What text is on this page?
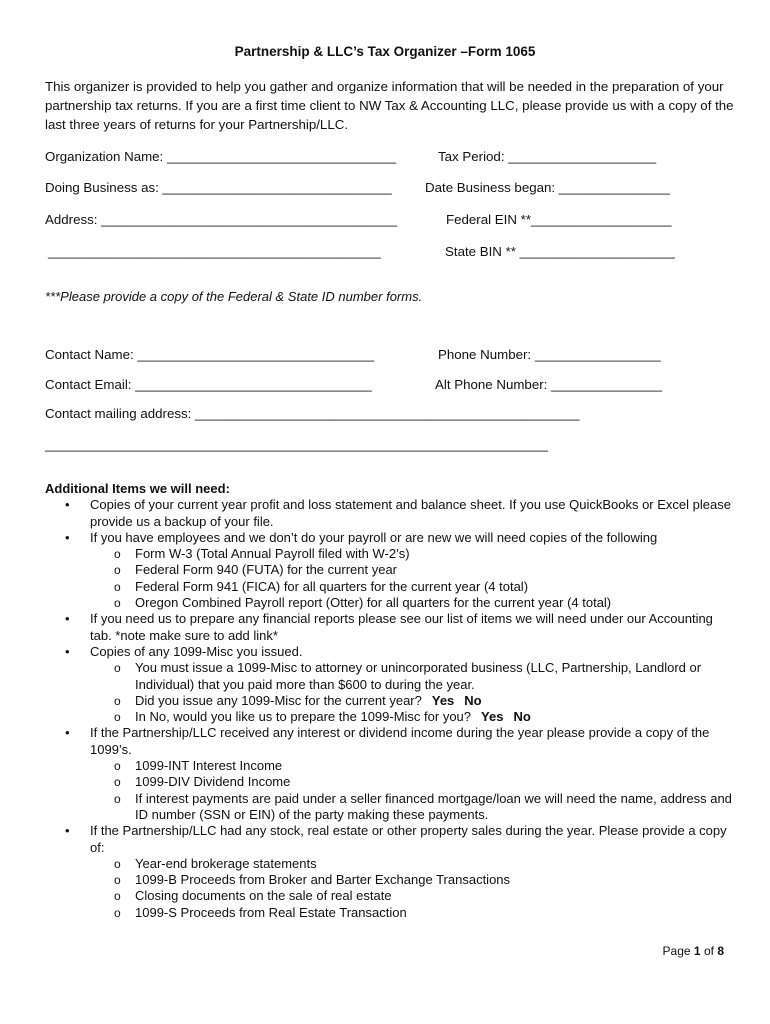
Partnership & LLC’s Tax Organizer –Form 1065
This organizer is provided to help you gather and organize information that will be needed in the preparation of your partnership tax returns. If you are a first time client to NW Tax & Accounting LLC, please provide us with a copy of the last three years of returns for your Partnership/LLC.
Organization Name: _______________________________	Tax Period: ____________________
Doing Business as: _______________________________ Date Business began: _______________
Address: ________________________________________	Federal EIN **___________________
_____________________________________________	State BIN ** _____________________
***Please provide a copy of the Federal & State ID number forms.
Contact Name: ________________________________	Phone Number: _________________
Contact Email: ________________________________	Alt Phone Number: _______________
Contact mailing address: ____________________________________________________
____________________________________________________________________
Additional Items we will need:
• Copies of your current year profit and loss statement and balance sheet. If you use QuickBooks or Excel please provide us a backup of your file.
• If you have employees and we don’t do your payroll or are new we will need copies of the following
o Form W-3 (Total Annual Payroll filed with W-2’s)
o Federal Form 940 (FUTA) for the current year
o Federal Form 941 (FICA) for all quarters for the current year (4 total)
o Oregon Combined Payroll report (Otter) for all quarters for the current year (4 total)
• If you need us to prepare any financial reports please see our list of items we will need under our Accounting tab. *note make sure to add link*
• Copies of any 1099-Misc you issued.
o You must issue a 1099-Misc to attorney or unincorporated business (LLC, Partnership, Landlord or Individual) that you paid more than $600 to during the year.
o Did you issue any 1099-Misc for the current year? Yes No
o In No, would you like us to prepare the 1099-Misc for you? Yes No
• If the Partnership/LLC received any interest or dividend income during the year please provide a copy of the 1099’s.
o 1099-INT Interest Income
o 1099-DIV Dividend Income
o If interest payments are paid under a seller financed mortgage/loan we will need the name, address and ID number (SSN or EIN) of the party making these payments.
• If the Partnership/LLC had any stock, real estate or other property sales during the year. Please provide a copy of:
o Year-end brokerage statements
o 1099-B Proceeds from Broker and Barter Exchange Transactions
o Closing documents on the sale of real estate
o 1099-S Proceeds from Real Estate Transaction
Page 1 of 8
